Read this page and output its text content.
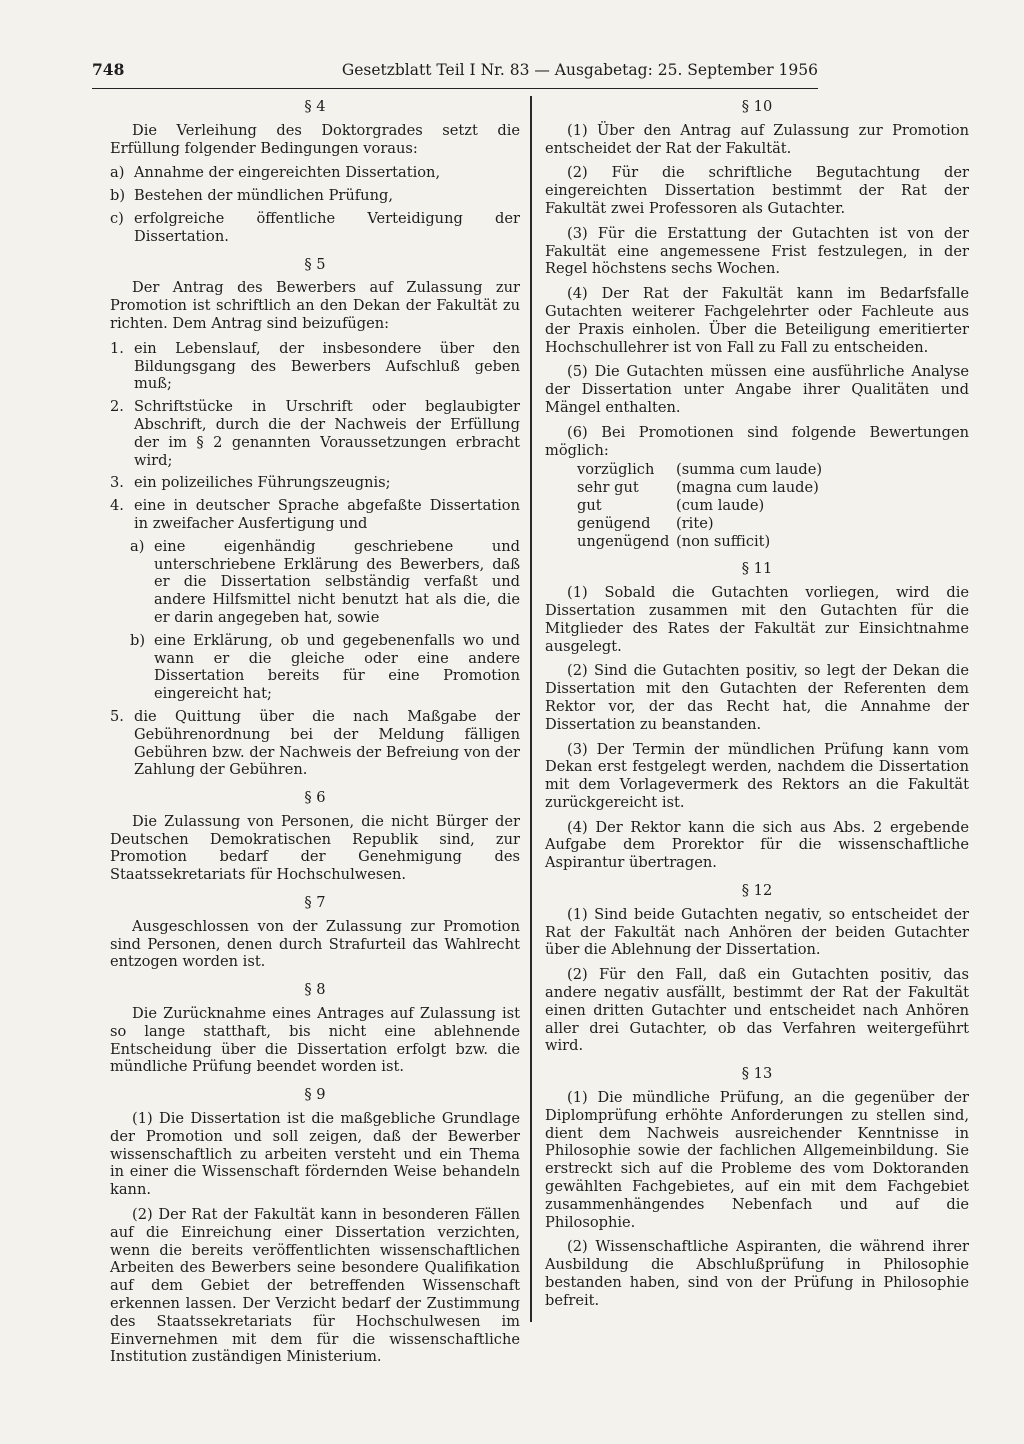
748	Gesetzblatt Teil I Nr. 83 — Ausgabetag: 25. September 1956
§ 4

Die Verleihung des Doktorgrades setzt die Erfüllung folgender Bedingungen voraus:

a) Annahme der eingereichten Dissertation,
b) Bestehen der mündlichen Prüfung,
c) erfolgreiche öffentliche Verteidigung der Dissertation.
§ 5

Der Antrag des Bewerbers auf Zulassung zur Promotion ist schriftlich an den Dekan der Fakultät zu richten. Dem Antrag sind beizufügen:

1. ein Lebenslauf, der insbesondere über den Bildungsgang des Bewerbers Aufschluß geben muß;
2. Schriftstücke in Urschrift oder beglaubigter Abschrift, durch die der Nachweis der Erfüllung der im § 2 genannten Voraussetzungen erbracht wird;
3. ein polizeiliches Führungszeugnis;
4. eine in deutscher Sprache abgefaßte Dissertation in zweifacher Ausfertigung und
a) eine eigenhändig geschriebene und unterschriebene Erklärung des Bewerbers, daß er die Dissertation selbständig verfaßt und andere Hilfsmittel nicht benutzt hat als die, die er darin angegeben hat, sowie
b) eine Erklärung, ob und gegebenenfalls wo und wann er die gleiche oder eine andere Dissertation bereits für eine Promotion eingereicht hat;
5. die Quittung über die nach Maßgabe der Gebührenordnung bei der Meldung fälligen Gebühren bzw. der Nachweis der Befreiung von der Zahlung der Gebühren.
§ 6

Die Zulassung von Personen, die nicht Bürger der Deutschen Demokratischen Republik sind, zur Promotion bedarf der Genehmigung des Staatssekretariats für Hochschulwesen.

§ 7

Ausgeschlossen von der Zulassung zur Promotion sind Personen, denen durch Strafurteil das Wahlrecht entzogen worden ist.

§ 8

Die Zurücknahme eines Antrages auf Zulassung ist so lange statthaft, bis nicht eine ablehnende Entscheidung über die Dissertation erfolgt bzw. die mündliche Prüfung beendet worden ist.

§ 9

(1) Die Dissertation ist die maßgebliche Grundlage der Promotion und soll zeigen, daß der Bewerber wissenschaftlich zu arbeiten versteht und ein Thema in einer die Wissenschaft fördernden Weise behandeln kann.

(2) Der Rat der Fakultät kann in besonderen Fällen auf die Einreichung einer Dissertation verzichten, wenn die bereits veröffentlichten wissenschaftlichen Arbeiten des Bewerbers seine besondere Qualifikation auf dem Gebiet der betreffenden Wissenschaft erkennen lassen. Der Verzicht bedarf der Zustimmung des Staatssekretariats für Hochschulwesen im Einvernehmen mit dem für die wissenschaftliche Institution zuständigen Ministerium.

§ 10

(1) Über den Antrag auf Zulassung zur Promotion entscheidet der Rat der Fakultät.

(2) Für die schriftliche Begutachtung der eingereichten Dissertation bestimmt der Rat der Fakultät zwei Professoren als Gutachter.

(3) Für die Erstattung der Gutachten ist von der Fakultät eine angemessene Frist festzulegen, in der Regel höchstens sechs Wochen.

(4) Der Rat der Fakultät kann im Bedarfsfalle Gutachten weiterer Fachgelehrter oder Fachleute aus der Praxis einholen. Über die Beteiligung emeritierter Hochschullehrer ist von Fall zu Fall zu entscheiden.

(5) Die Gutachten müssen eine ausführliche Analyse der Dissertation unter Angabe ihrer Qualitäten und Mängel enthalten.

(6) Bei Promotionen sind folgende Bewertungen möglich:

vorzüglich	(summa cum laude)
sehr gut	(magna cum laude)
gut	(cum laude)
genügend	(rite)
ungenügend	(non sufficit)
§ 11

(1) Sobald die Gutachten vorliegen, wird die Dissertation zusammen mit den Gutachten für die Mitglieder des Rates der Fakultät zur Einsichtnahme ausgelegt.

(2) Sind die Gutachten positiv, so legt der Dekan die Dissertation mit den Gutachten der Referenten dem Rektor vor, der das Recht hat, die Annahme der Dissertation zu beanstanden.

(3) Der Termin der mündlichen Prüfung kann vom Dekan erst festgelegt werden, nachdem die Dissertation mit dem Vorlagevermerk des Rektors an die Fakultät zurückgereicht ist.

(4) Der Rektor kann die sich aus Abs. 2 ergebende Aufgabe dem Prorektor für die wissenschaftliche Aspirantur übertragen.

§ 12

(1) Sind beide Gutachten negativ, so entscheidet der Rat der Fakultät nach Anhören der beiden Gutachter über die Ablehnung der Dissertation.

(2) Für den Fall, daß ein Gutachten positiv, das andere negativ ausfällt, bestimmt der Rat der Fakultät einen dritten Gutachter und entscheidet nach Anhören aller drei Gutachter, ob das Verfahren weitergeführt wird.

§ 13

(1) Die mündliche Prüfung, an die gegenüber der Diplomprüfung erhöhte Anforderungen zu stellen sind, dient dem Nachweis ausreichender Kenntnisse in Philosophie sowie der fachlichen Allgemeinbildung. Sie erstreckt sich auf die Probleme des vom Doktoranden gewählten Fachgebietes, auf ein mit dem Fachgebiet zusammenhängendes Nebenfach und auf die Philosophie.

(2) Wissenschaftliche Aspiranten, die während ihrer Ausbildung die Abschlußprüfung in Philosophie bestanden haben, sind von der Prüfung in Philosophie befreit.
